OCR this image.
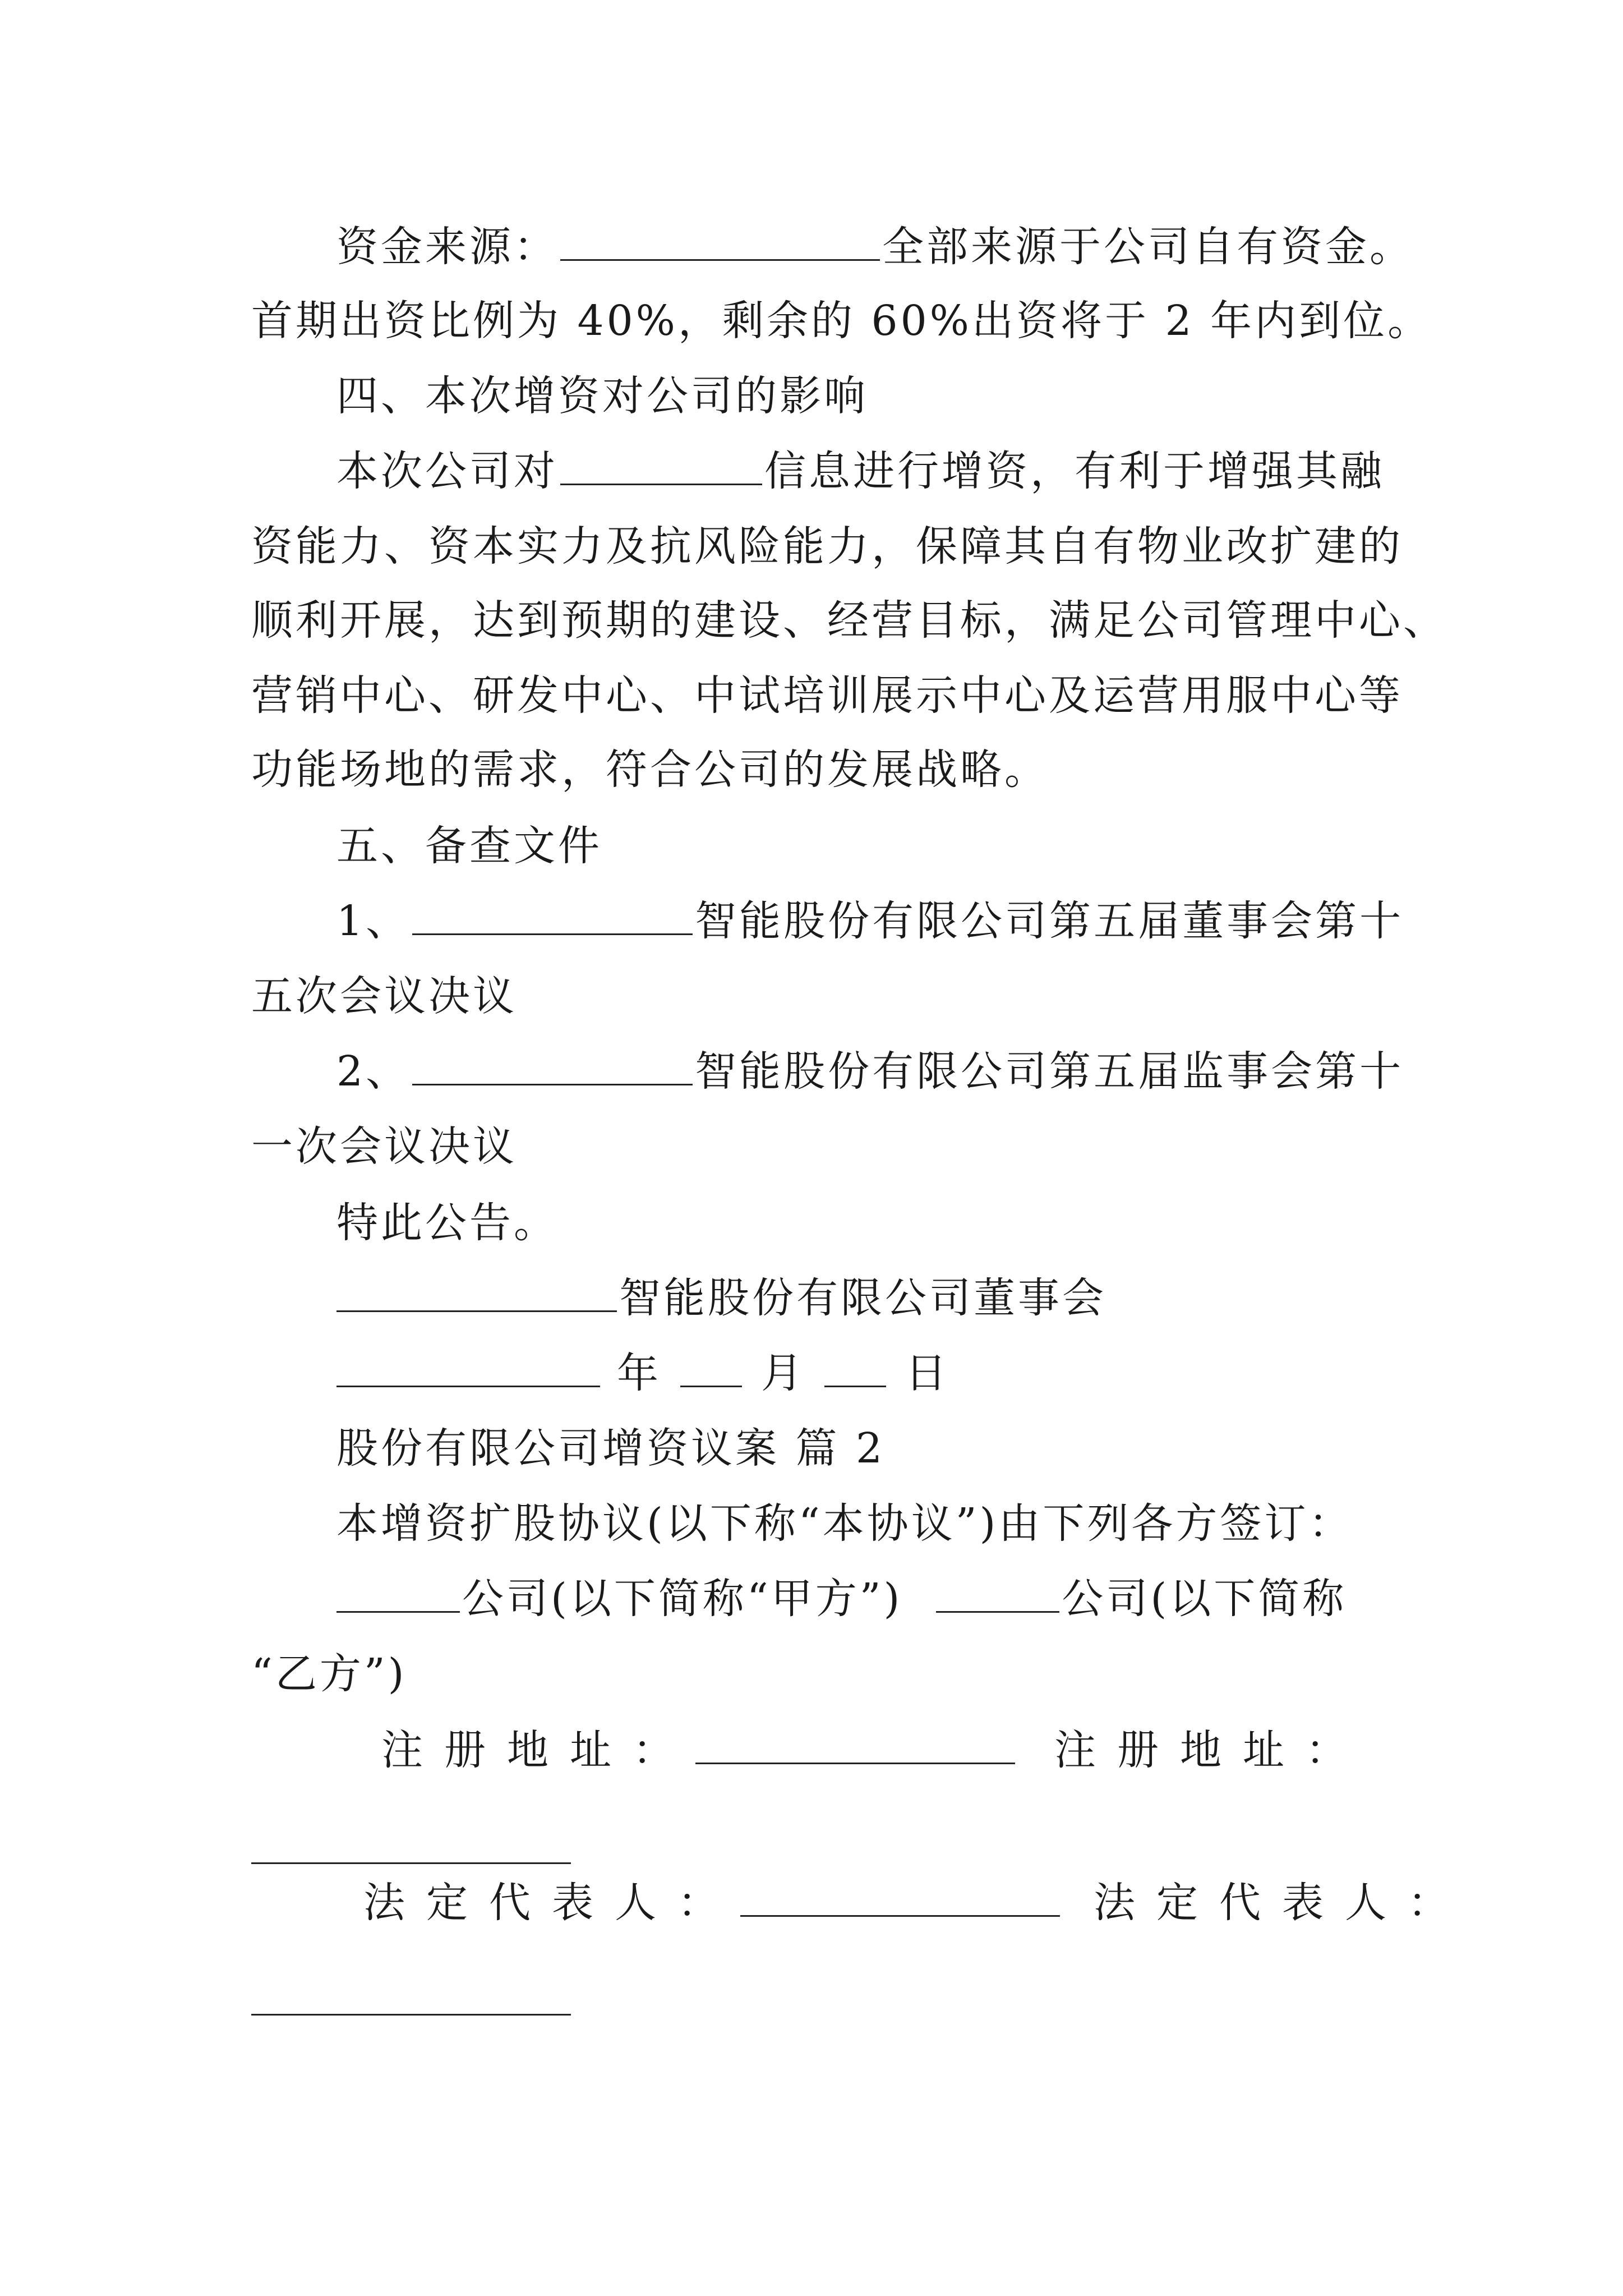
资金来源：	全部来源于公司自有资金。
首期出资比例为 40%，剩余的 60%出资将于 2 年内到位。
四、本次增资对公司的影响
本次公司对	信息进行增资，有利于增强其融
资能力、资本实力及抗风险能力，保障其自有物业改扩建的
顺利开展，达到预期的建设、经营目标，满足公司管理中心、
营销中心、研发中心、中试培训展示中心及运营用服中心等
功能场地的需求，符合公司的发展战略。
五、备查文件
1、	智能股份有限公司第五届董事会第十
五次会议决议
2、	智能股份有限公司第五届监事会第十
一次会议决议
特此公告。
智能股份有限公司董事会
年 月 日
股份有限公司增资议案 篇 2
本增资扩股协议(以下称“本协议”)由下列各方签订：
公司(以下简称“甲方”)	公司(以下简称
“乙方”)
注册地址：	注册地址：
法定代表人：	法定代表人：
